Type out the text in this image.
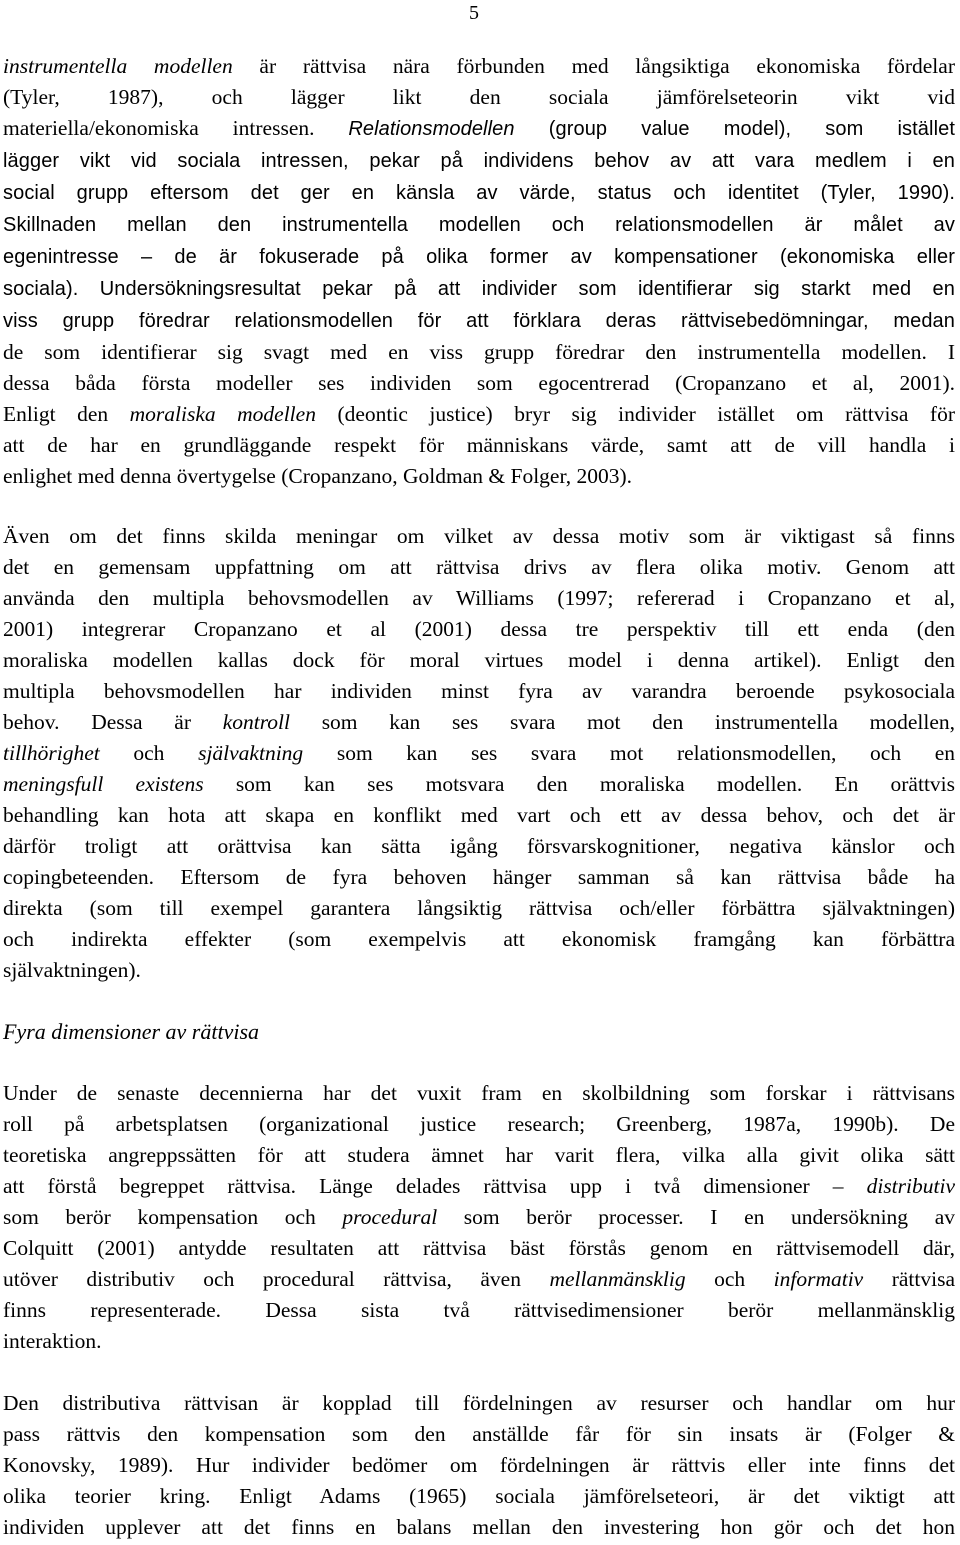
5

instrumentella modellen är rättvisa nära förbunden med långsiktiga ekonomiska fördelar
(Tyler, 1987), och lägger likt den sociala jämförelseteorin vikt vid
materiella/ekonomiska intressen. Relationsmodellen (group value model), som istället
lägger vikt vid sociala intressen, pekar på individens behov av att vara medlem i en
social grupp eftersom det ger en känsla av värde, status och identitet (Tyler, 1990).
Skillnaden mellan den instrumentella modellen och relationsmodellen är målet av
egenintresse – de är fokuserade på olika former av kompensationer (ekonomiska eller
sociala). Undersökningsresultat pekar på att individer som identifierar sig starkt med en
viss grupp föredrar relationsmodellen för att förklara deras rättvisebedömningar, medan
de som identifierar sig svagt med en viss grupp föredrar den instrumentella modellen. I
dessa båda första modeller ses individen som egocentrerad (Cropanzano et al, 2001).
Enligt den moraliska modellen (deontic justice) bryr sig individer istället om rättvisa för
att de har en grundläggande respekt för människans värde, samt att de vill handla i
enlighet med denna övertygelse (Cropanzano, Goldman & Folger, 2003).

Även om det finns skilda meningar om vilket av dessa motiv som är viktigast så finns
det en gemensam uppfattning om att rättvisa drivs av flera olika motiv. Genom att
använda den multipla behovsmodellen av Williams (1997; refererad i Cropanzano et al,
2001) integrerar Cropanzano et al (2001) dessa tre perspektiv till ett enda (den
moraliska modellen kallas dock för moral virtues model i denna artikel). Enligt den
multipla behovsmodellen har individen minst fyra av varandra beroende psykosociala
behov. Dessa är kontroll som kan ses svara mot den instrumentella modellen,
tillhörighet och självaktning som kan ses svara mot relationsmodellen, och en
meningsfull existens som kan ses motsvara den moraliska modellen. En orättvis
behandling kan hota att skapa en konflikt med vart och ett av dessa behov, och det är
därför troligt att orättvisa kan sätta igång försvarskognitioner, negativa känslor och
copingbeteenden. Eftersom de fyra behoven hänger samman så kan rättvisa både ha
direkta (som till exempel garantera långsiktig rättvisa och/eller förbättra självaktningen)
och indirekta effekter (som exempelvis att ekonomisk framgång kan förbättra
självaktningen).

Fyra dimensioner av rättvisa

Under de senaste decennierna har det vuxit fram en skolbildning som forskar i rättvisans
roll på arbetsplatsen (organizational justice research; Greenberg, 1987a, 1990b). De
teoretiska angreppssätten för att studera ämnet har varit flera, vilka alla givit olika sätt
att förstå begreppet rättvisa. Länge delades rättvisa upp i två dimensioner – distributiv
som berör kompensation och procedural som berör processer. I en undersökning av
Colquitt (2001) antydde resultaten att rättvisa bäst förstås genom en rättvisemodell där,
utöver distributiv och procedural rättvisa, även mellanmänsklig och informativ rättvisa
finns representerade. Dessa sista två rättvisedimensioner berör mellanmänsklig
interaktion.

Den distributiva rättvisan är kopplad till fördelningen av resurser och handlar om hur
pass rättvis den kompensation som den anställde får för sin insats är (Folger &
Konovsky, 1989). Hur individer bedömer om fördelningen är rättvis eller inte finns det
olika teorier kring. Enligt Adams (1965) sociala jämförelseteori, är det viktigt att
individen upplever att det finns en balans mellan den investering hon gör och det hon
